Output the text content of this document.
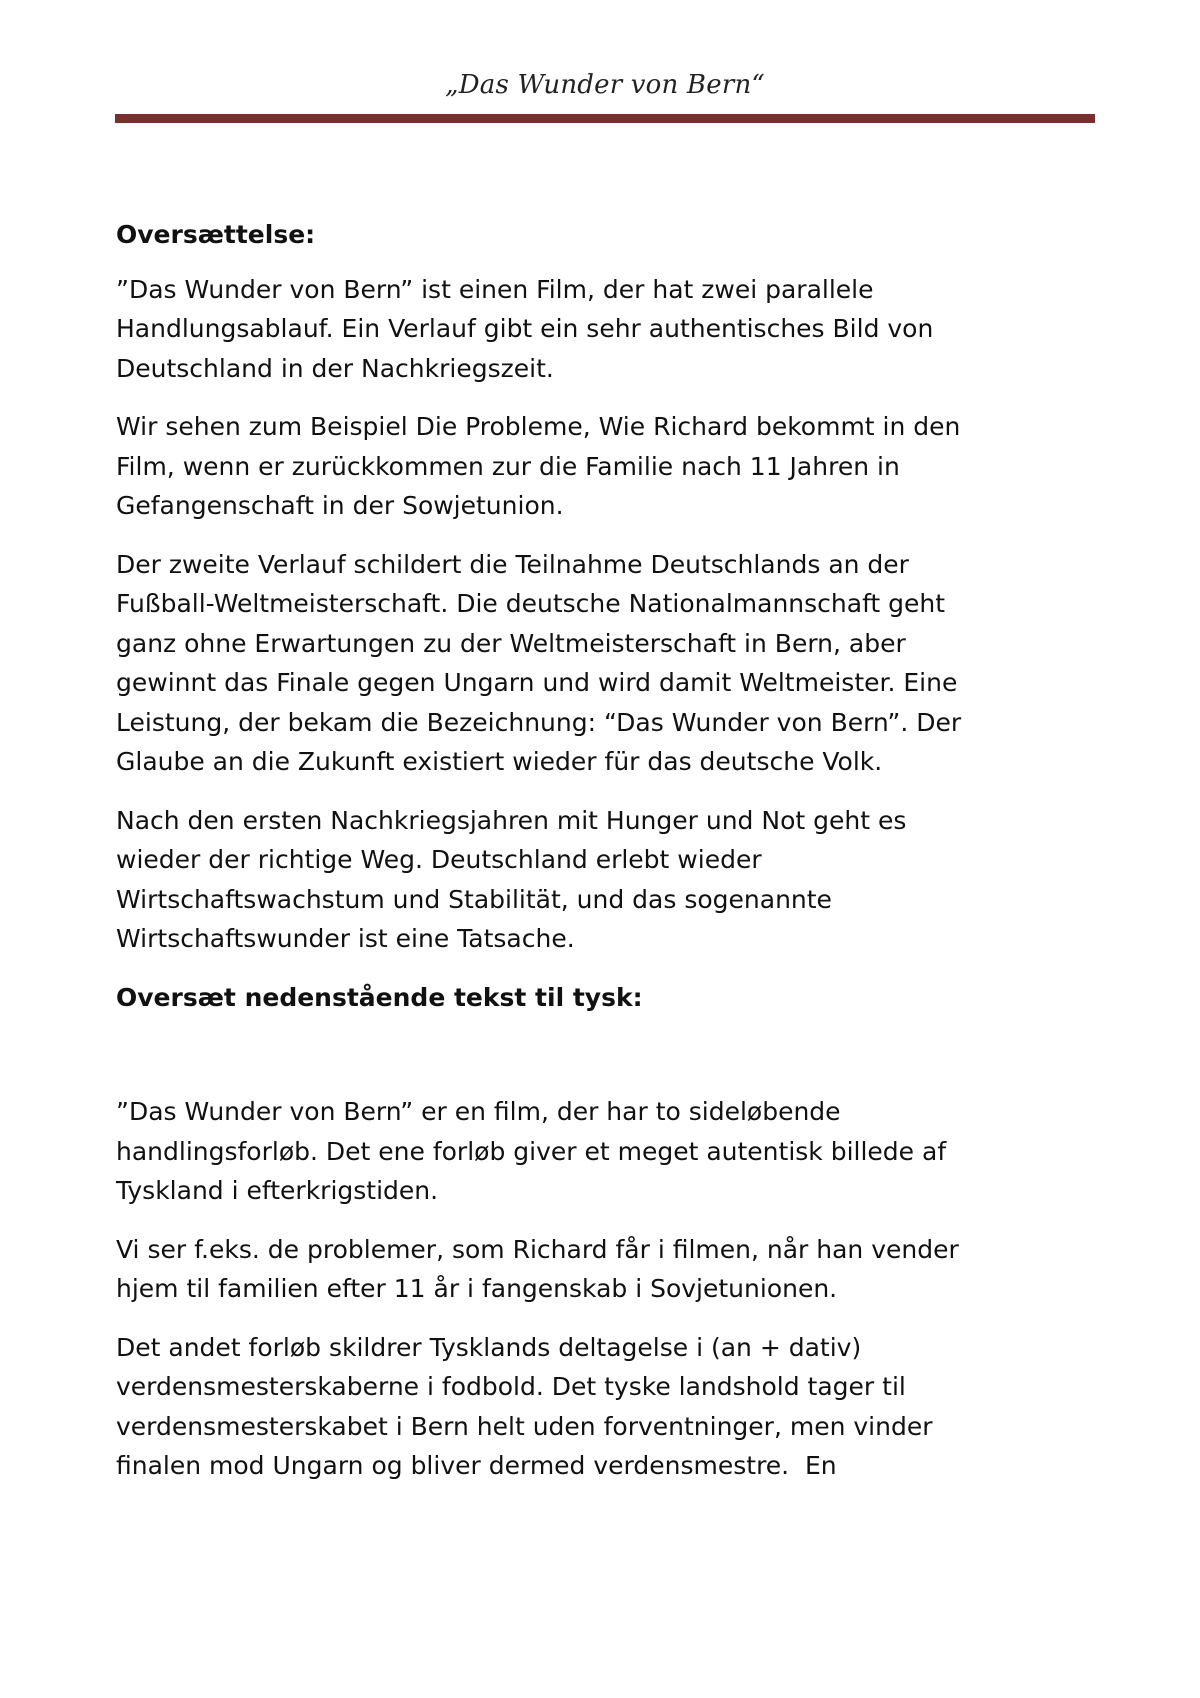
„Das Wunder von Bern“
Oversættelse:

”Das Wunder von Bern” ist einen Film, der hat zwei parallele
Handlungsablauf. Ein Verlauf gibt ein sehr authentisches Bild von
Deutschland in der Nachkriegszeit.

Wir sehen zum Beispiel Die Probleme, Wie Richard bekommt in den
Film, wenn er zurückkommen zur die Familie nach 11 Jahren in
Gefangenschaft in der Sowjetunion.

Der zweite Verlauf schildert die Teilnahme Deutschlands an der
Fußball-Weltmeisterschaft. Die deutsche Nationalmannschaft geht
ganz ohne Erwartungen zu der Weltmeisterschaft in Bern, aber
gewinnt das Finale gegen Ungarn und wird damit Weltmeister. Eine
Leistung, der bekam die Bezeichnung: “Das Wunder von Bern”. Der
Glaube an die Zukunft existiert wieder für das deutsche Volk.

Nach den ersten Nachkriegsjahren mit Hunger und Not geht es
wieder der richtige Weg. Deutschland erlebt wieder
Wirtschaftswachstum und Stabilität, und das sogenannte
Wirtschaftswunder ist eine Tatsache.

Oversæt nedenstående tekst til tysk:

”Das Wunder von Bern” er en film, der har to sideløbende
handlingsforløb. Det ene forløb giver et meget autentisk billede af
Tyskland i efterkrigstiden.

Vi ser f.eks. de problemer, som Richard får i filmen, når han vender
hjem til familien efter 11 år i fangenskab i Sovjetunionen.

Det andet forløb skildrer Tysklands deltagelse i (an + dativ)
verdensmesterskaberne i fodbold. Det tyske landshold tager til
verdensmesterskabet i Bern helt uden forventninger, men vinder
finalen mod Ungarn og bliver dermed verdensmestre.  En
